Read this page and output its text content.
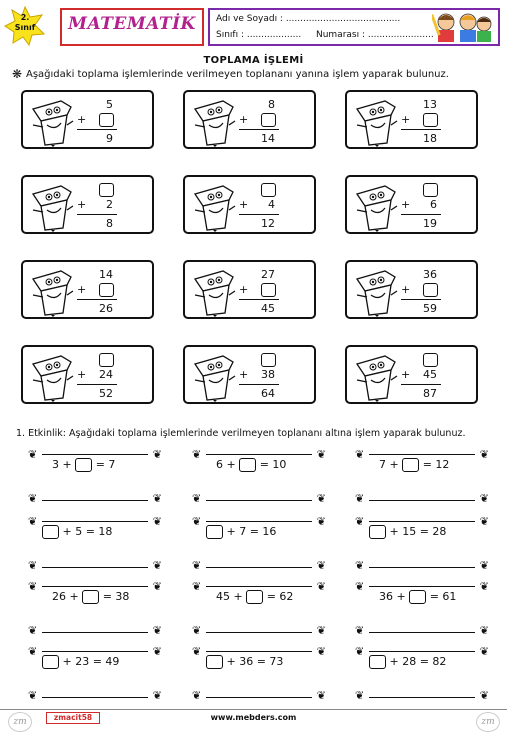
2.
Sınıf	MATEMATİK	Adı ve Soyadı : ........................................
Sınıfı : ................... Numarası : .......................
TOPLAMA İŞLEMİ
❋ Aşağıdaki toplama işlemlerinde verilmeyen toplananı yanına işlem yaparak bulunuz.
5
+
9
8
+
14
13
+
18
+	2
8
+	4
12
+	6
19
14
+
26
27
+
45
36
+
59
+	24
52
+	38
64
+	45
87
1. Etkinlik: Aşağıdaki toplama işlemlerinde verilmeyen toplananı altına işlem yaparak bulunuz.
❦	❦
❦	❦
3 + = 7
❦	❦
❦	❦
6 + = 10
❦	❦
❦	❦
7 + = 12
❦	❦
❦	❦
+ 5 = 18
❦	❦
❦	❦
+ 7 = 16
❦	❦
❦	❦
+ 15 = 28
❦	❦
❦	❦
26 + = 38
❦	❦
❦	❦
45 + = 62
❦	❦
❦	❦
36 + = 61
❦	❦
❦	❦
+ 23 = 49
❦	❦
❦	❦
+ 36 = 73
❦	❦
❦	❦
+ 28 = 82
zm	zmacit58	www.mebders.com	zm
